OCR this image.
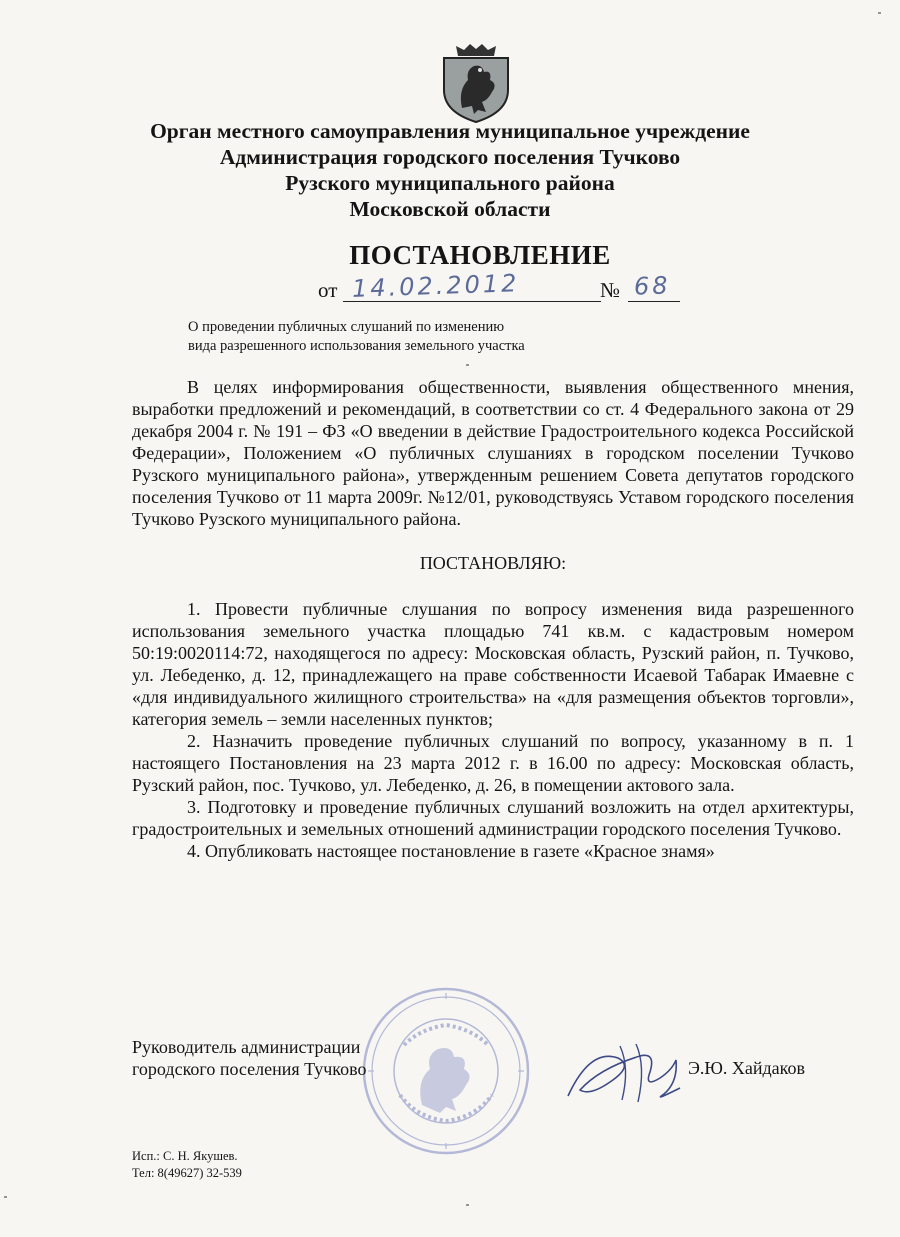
Орган местного самоуправления муниципальное учреждение
Администрация городского поселения Тучково
Рузского муниципального района
Московской области
ПОСТАНОВЛЕНИЕ
от 14.02.2012	№ 68
О проведении публичных слушаний по изменению
вида разрешенного использования земельного участка

В целях информирования общественности, выявления общественного мнения, выработки предложений и рекомендаций, в соответствии со ст. 4 Федерального закона от 29 декабря 2004 г. № 191 – ФЗ «О введении в действие Градостроительного кодекса Российской Федерации», Положением «О публичных слушаниях в городском поселении Тучково Рузского муниципального района», утвержденным решением Совета депутатов городского поселения Тучково от 11 марта 2009г. №12/01, руководствуясь Уставом городского поселения Тучково Рузского муниципального района.

ПОСТАНОВЛЯЮ:

1. Провести публичные слушания по вопросу изменения вида разрешенного использования земельного участка площадью 741 кв.м. с кадастровым номером 50:19:0020114:72, находящегося по адресу: Московская область, Рузский район, п. Тучково, ул. Лебеденко, д. 12, принадлежащего на праве собственности Исаевой Табарак Имаевне с «для индивидуального жилищного строительства» на «для размещения объектов торговли», категория земель – земли населенных пунктов;

2. Назначить проведение публичных слушаний по вопросу, указанному в п. 1 настоящего Постановления на 23 марта 2012 г. в 16.00 по адресу: Московская область, Рузский район, пос. Тучково, ул. Лебеденко, д. 26, в помещении актового зала.

3. Подготовку и проведение публичных слушаний возложить на отдел архитектуры, градостроительных и земельных отношений администрации городского поселения Тучково.

4. Опубликовать настоящее постановление в газете «Красное знамя»

Руководитель администрации
городского поселения Тучково	Э.Ю. Хайдаков
Исп.: С. Н. Якушев.
Тел: 8(49627) 32-539
